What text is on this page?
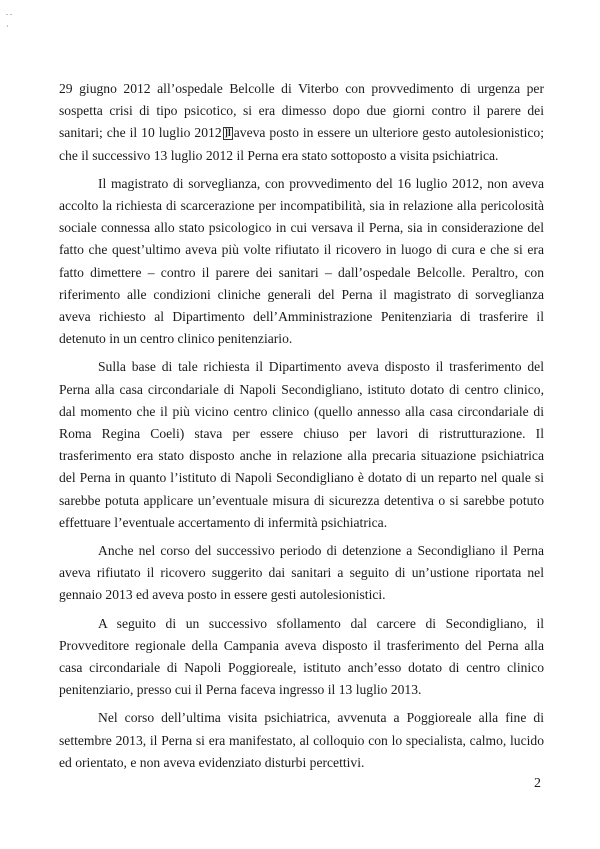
. .
·

29 giugno 2012 all’ospedale Belcolle di Viterbo con provvedimento di urgenza per sospetta crisi di tipo psicotico, si era dimesso dopo due giorni contro il parere dei sanitari; che il 10 luglio 2012 ]l aveva posto in essere un ulteriore gesto autolesionistico; che il successivo 13 luglio 2012 il Perna era stato sottoposto a visita psichiatrica.

Il magistrato di sorveglianza, con provvedimento del 16 luglio 2012, non aveva accolto la richiesta di scarcerazione per incompatibilità, sia in relazione alla pericolosità sociale connessa allo stato psicologico in cui versava il Perna, sia in considerazione del fatto che quest’ultimo aveva più volte rifiutato il ricovero in luogo di cura e che si era fatto dimettere – contro il parere dei sanitari – dall’ospedale Belcolle. Peraltro, con riferimento alle condizioni cliniche generali del Perna il magistrato di sorveglianza aveva richiesto al Dipartimento dell’Amministrazione Penitenziaria di trasferire il detenuto in un centro clinico penitenziario.

Sulla base di tale richiesta il Dipartimento aveva disposto il trasferimento del Perna alla casa circondariale di Napoli Secondigliano, istituto dotato di centro clinico, dal momento che il più vicino centro clinico (quello annesso alla casa circondariale di Roma Regina Coeli) stava per essere chiuso per lavori di ristrutturazione. Il trasferimento era stato disposto anche in relazione alla precaria situazione psichiatrica del Perna in quanto l’istituto di Napoli Secondigliano è dotato di un reparto nel quale si sarebbe potuta applicare un’eventuale misura di sicurezza detentiva o si sarebbe potuto effettuare l’eventuale accertamento di infermità psichiatrica.

Anche nel corso del successivo periodo di detenzione a Secondigliano il Perna aveva rifiutato il ricovero suggerito dai sanitari a seguito di un’ustione riportata nel gennaio 2013 ed aveva posto in essere gesti autolesionistici.

A seguito di un successivo sfollamento dal carcere di Secondigliano, il Provveditore regionale della Campania aveva disposto il trasferimento del Perna alla casa circondariale di Napoli Poggioreale, istituto anch’esso dotato di centro clinico penitenziario, presso cui il Perna faceva ingresso il 13 luglio 2013.

Nel corso dell’ultima visita psichiatrica, avvenuta a Poggioreale alla fine di settembre 2013, il Perna si era manifestato, al colloquio con lo specialista, calmo, lucido ed orientato, e non aveva evidenziato disturbi percettivi.

2
